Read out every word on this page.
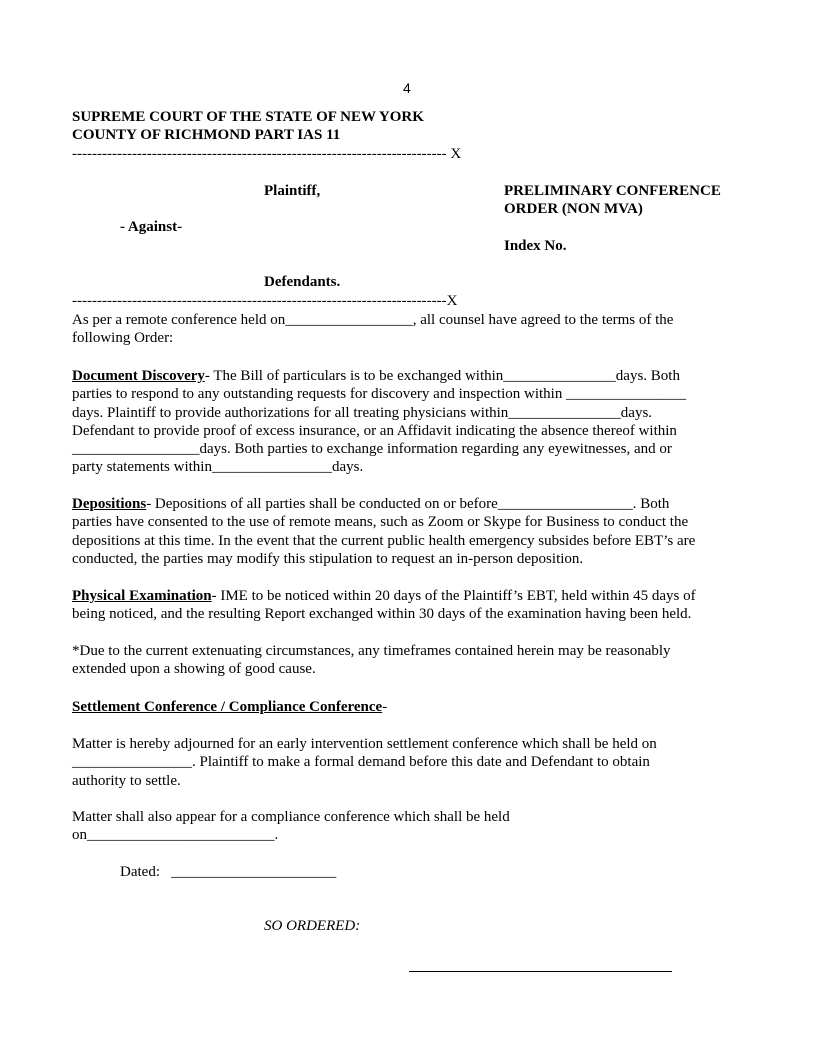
4
SUPREME COURT OF THE STATE OF NEW YORK
COUNTY OF RICHMOND PART IAS 11
--------------------------------------------------------------------------- X
Plaintiff,
- Against-
Defendants.
PRELIMINARY CONFERENCE
ORDER (NON MVA)
Index No.
---------------------------------------------------------------------------X
As per a remote conference held on_________________, all counsel have agreed to the terms of the
following Order:
Document Discovery- The Bill of particulars is to be exchanged within_______________days. Both
parties to respond to any outstanding requests for discovery and inspection within ________________
days. Plaintiff to provide authorizations for all treating physicians within_______________days.
Defendant to provide proof of excess insurance, or an Affidavit indicating the absence thereof within
_________________days. Both parties to exchange information regarding any eyewitnesses, and or
party statements within________________days.
Depositions- Depositions of all parties shall be conducted on or before__________________. Both
parties have consented to the use of remote means, such as Zoom or Skype for Business to conduct the
depositions at this time. In the event that the current public health emergency subsides before EBT’s are
conducted, the parties may modify this stipulation to request an in-person deposition.
Physical Examination- IME to be noticed within 20 days of the Plaintiff’s EBT, held within 45 days of
being noticed, and the resulting Report exchanged within 30 days of the examination having been held.
*Due to the current extenuating circumstances, any timeframes contained herein may be reasonably
extended upon a showing of good cause.
Settlement Conference / Compliance Conference-
Matter is hereby adjourned for an early intervention settlement conference which shall be held on
________________. Plaintiff to make a formal demand before this date and Defendant to obtain
authority to settle.
Matter shall also appear for a compliance conference which shall be held
on_________________________.
Dated: ______________________
SO ORDERED:
